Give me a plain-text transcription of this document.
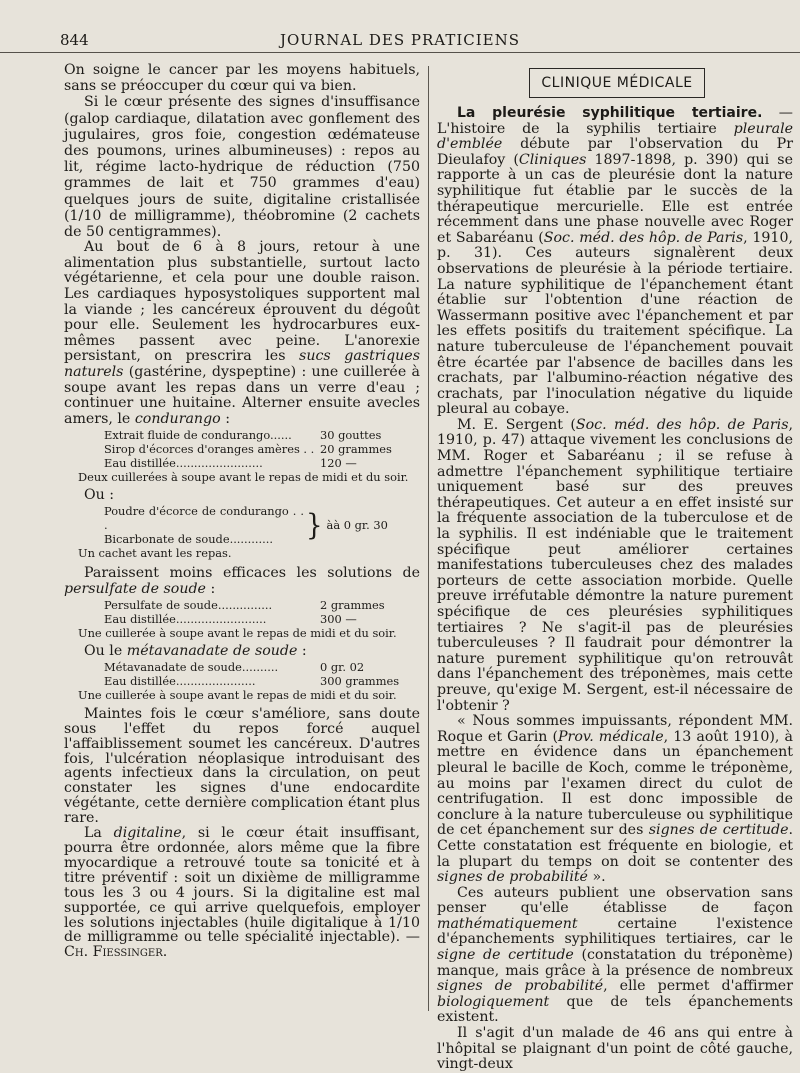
844	JOURNAL DES PRATICIENS

On soigne le cancer par les moyens habituels, sans se préoccuper du cœur qui va bien.

Si le cœur présente des signes d'insuffisance (galop cardiaque, dilatation avec gonflement des jugulaires, gros foie, congestion œdémateuse des poumons, urines albumineuses) : repos au lit, régime lacto-hydrique de réduction (750 grammes de lait et 750 grammes d'eau) quelques jours de suite, digitaline cristallisée (1/10 de milligramme), théobromine (2 cachets de 50 centigrammes).

Au bout de 6 à 8 jours, retour à une alimentation plus substantielle, surtout lacto végétarienne, et cela pour une double raison. Les cardiaques hyposystoliques supportent mal la viande ; les cancéreux éprouvent du dégoût pour elle. Seulement les hydrocarbures eux-mêmes passent avec peine. L'anorexie persistant, on prescrira les sucs gastriques naturels (gastérine, dyspeptine) : une cuillerée à soupe avant les repas dans un verre d'eau ; continuer une huitaine. Alterner ensuite avecles amers, le condurango :

Extrait fluide de condurango......	30 gouttes
Sirop d'écorces d'oranges amères . . 20 grammes
Eau distillée........................	120 —
Deux cuillerées à soupe avant le repas de midi et du soir.
Ou :
Poudre d'écorce de condurango . . .
Bicarbonate de soude............	} àà 0 gr. 30
Un cachet avant les repas.

Paraissent moins efficaces les solutions de persulfate de soude :

Persulfate de soude...............	2 grammes
Eau distillée.........................	300 —
Une cuillerée à soupe avant le repas de midi et du soir.
Ou le métavanadate de soude :
Métavanadate de soude..........	0 gr. 02
Eau distillée......................	300 grammes
Une cuillerée à soupe avant le repas de midi et du soir.

Maintes fois le cœur s'améliore, sans doute sous l'effet du repos forcé auquel l'affaiblissement soumet les cancéreux. D'autres fois, l'ulcération néoplasique introduisant des agents infectieux dans la circulation, on peut constater les signes d'une endocardite végétante, cette dernière complication étant plus rare.

La digitaline, si le cœur était insuffisant, pourra être ordonnée, alors même que la fibre myocardique a retrouvé toute sa tonicité et à titre préventif : soit un dixième de milligramme tous les 3 ou 4 jours. Si la digitaline est mal supportée, ce qui arrive quelquefois, employer les solutions injectables (huile digitalique à 1/10 de milligramme ou telle spécialité injectable). — Ch. Fiessinger.

CLINIQUE MÉDICALE

La pleurésie syphilitique tertiaire. — L'histoire de la syphilis tertiaire pleurale d'emblée débute par l'observation du Pr Dieulafoy (Cliniques 1897-1898, p. 390) qui se rapporte à un cas de pleurésie dont la nature syphilitique fut établie par le succès de la thérapeutique mercurielle. Elle est entrée récemment dans une phase nouvelle avec Roger et Sabaréanu (Soc. méd. des hôp. de Paris, 1910, p. 31). Ces auteurs signalèrent deux observations de pleurésie à la période tertiaire. La nature syphilitique de l'épanchement étant établie sur l'obtention d'une réaction de Wassermann positive avec l'épanchement et par les effets positifs du traitement spécifique. La nature tuberculeuse de l'épanchement pouvait être écartée par l'absence de bacilles dans les crachats, par l'albumino-réaction négative des crachats, par l'inoculation négative du liquide pleural au cobaye.

M. E. Sergent (Soc. méd. des hôp. de Paris, 1910, p. 47) attaque vivement les conclusions de MM. Roger et Sabaréanu ; il se refuse à admettre l'épanchement syphilitique tertiaire uniquement basé sur des preuves thérapeutiques. Cet auteur a en effet insisté sur la fréquente association de la tuberculose et de la syphilis. Il est indéniable que le traitement spécifique peut améliorer certaines manifestations tuberculeuses chez des malades porteurs de cette association morbide. Quelle preuve irréfutable démontre la nature purement spécifique de ces pleurésies syphilitiques tertiaires ? Ne s'agit-il pas de pleurésies tuberculeuses ? Il faudrait pour démontrer la nature purement syphilitique qu'on retrouvât dans l'épanchement des tréponèmes, mais cette preuve, qu'exige M. Sergent, est-il nécessaire de l'obtenir ?

« Nous sommes impuissants, répondent MM. Roque et Garin (Prov. médicale, 13 août 1910), à mettre en évidence dans un épanchement pleural le bacille de Koch, comme le tréponème, au moins par l'examen direct du culot de centrifugation. Il est donc impossible de conclure à la nature tuberculeuse ou syphilitique de cet épanchement sur des signes de certitude. Cette constatation est fréquente en biologie, et la plupart du temps on doit se contenter des signes de probabilité ».

Ces auteurs publient une observation sans penser qu'elle établisse de façon mathématiquement certaine l'existence d'épanchements syphilitiques tertiaires, car le signe de certitude (constatation du tréponème) manque, mais grâce à la présence de nombreux signes de probabilité, elle permet d'affirmer biologiquement que de tels épanchements existent.

Il s'agit d'un malade de 46 ans qui entre à l'hôpital se plaignant d'un point de côté gauche, vingt-deux
